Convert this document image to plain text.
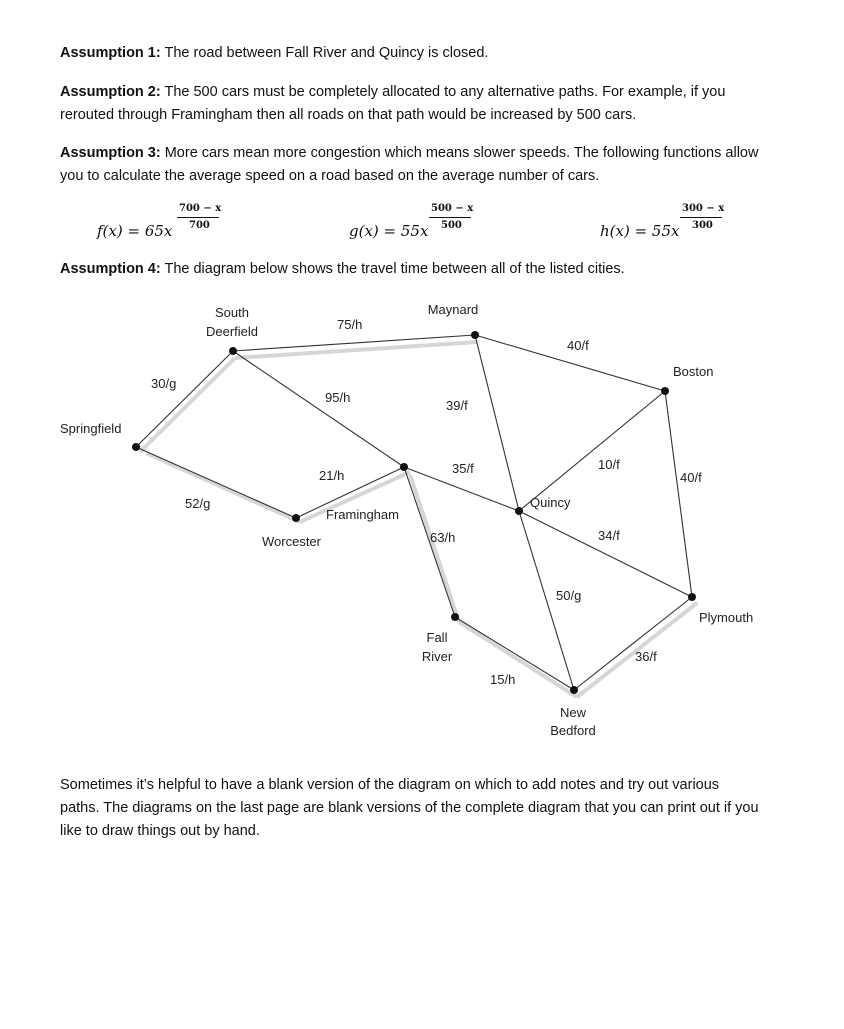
Assumption 1: The road between Fall River and Quincy is closed.

Assumption 2: The 500 cars must be completely allocated to any alternative paths. For example, if you rerouted through Framingham then all roads on that path would be increased by 500 cars.

Assumption 3: More cars mean more congestion which means slower speeds. The following functions allow you to calculate the average speed on a road based on the average number of cars.

f(x) = 65x
700 − x
700	g(x) = 55x
500 − x
500	h(x) = 55x
300 − x
300

Assumption 4: The diagram below shows the travel time between all of the listed cities.

South
Deerfield
Maynard
Boston
Springfield
Framingham
Worcester
Quincy
Plymouth
Fall
River
New
Bedford
75/h
30/g
95/h
39/f
40/f
52/g
21/h	35/f	10/f
40/f
63/h	34/f
50/g
15/h
36/f

Sometimes it’s helpful to have a blank version of the diagram on which to add notes and try out various paths. The diagrams on the last page are blank versions of the complete diagram that you can print out if you like to draw things out by hand.
